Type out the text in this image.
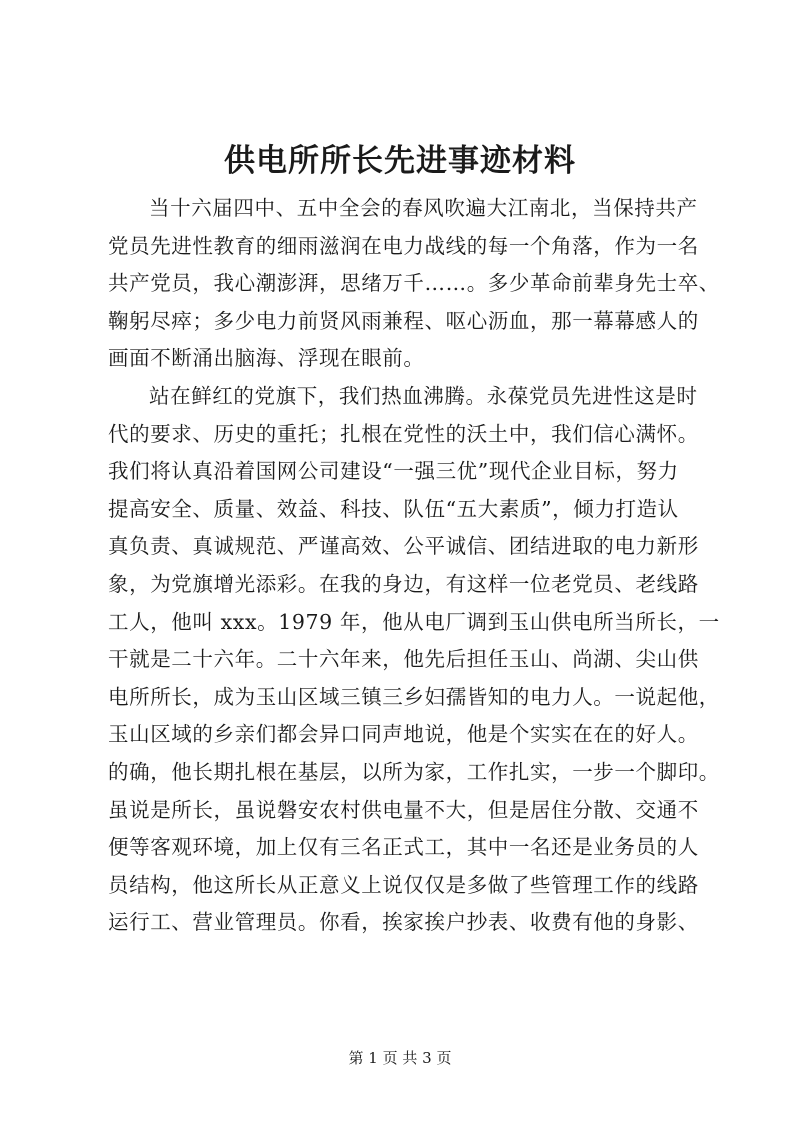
供电所所长先进事迹材料
当十六届四中、五中全会的春风吹遍大江南北，当保持共产
党员先进性教育的细雨滋润在电力战线的每一个角落，作为一名
共产党员，我心潮澎湃，思绪万千……。多少革命前辈身先士卒、
鞠躬尽瘁；多少电力前贤风雨兼程、呕心沥血，那一幕幕感人的
画面不断涌出脑海、浮现在眼前。
站在鲜红的党旗下，我们热血沸腾。永葆党员先进性这是时
代的要求、历史的重托；扎根在党性的沃土中，我们信心满怀。
我们将认真沿着国网公司建设“一强三优”现代企业目标，努力
提高安全、质量、效益、科技、队伍“五大素质”，倾力打造认
真负责、真诚规范、严谨高效、公平诚信、团结进取的电力新形
象，为党旗增光添彩。在我的身边，有这样一位老党员、老线路
工人，他叫 xxx。1979 年，他从电厂调到玉山供电所当所长，一
干就是二十六年。二十六年来，他先后担任玉山、尚湖、尖山供
电所所长，成为玉山区域三镇三乡妇孺皆知的电力人。一说起他，
玉山区域的乡亲们都会异口同声地说，他是个实实在在的好人。
的确，他长期扎根在基层，以所为家，工作扎实，一步一个脚印。
虽说是所长，虽说磐安农村供电量不大，但是居住分散、交通不
便等客观环境，加上仅有三名正式工，其中一名还是业务员的人
员结构，他这所长从正意义上说仅仅是多做了些管理工作的线路
运行工、营业管理员。你看，挨家挨户抄表、收费有他的身影、
第 1 页 共 3 页
